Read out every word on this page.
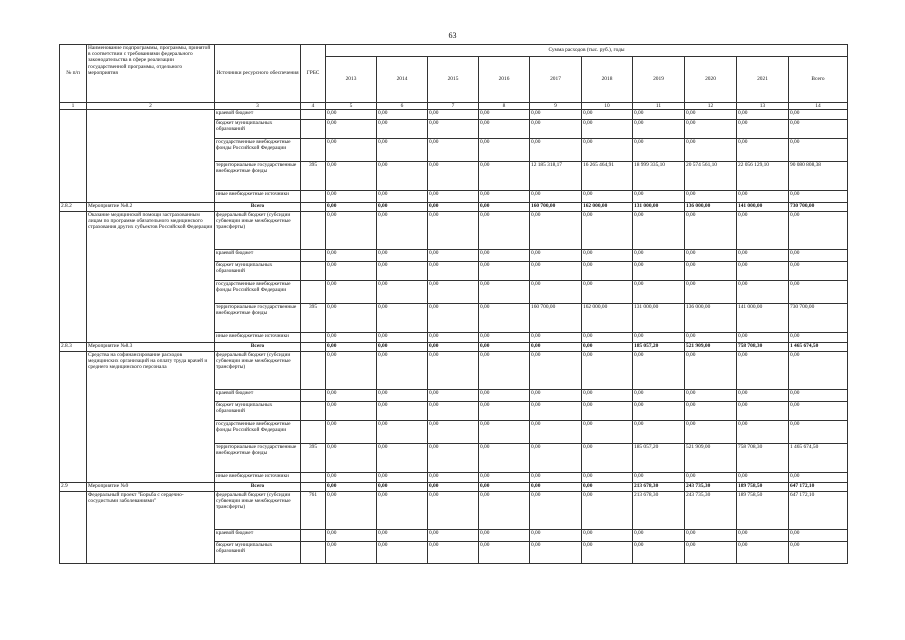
63
№ п/п	Наименование подпрограммы, программы, принятой в соответствии с требованиями федерального законодательства в сфере реализации государственной программы, отдельного мероприятия	Источники ресурсного обеспечения	ГРБС	Сумма расходов (тыс. руб.), годы									
				2013	2014	2015	2016	2017	2018	2019	2020	2021	Всего
1	2	3	4	5	6	7	8	9	10	11	12	13	14
		краевой бюджет		0,00	0,00	0,00	0,00	0,00	0,00	0,00	0,00	0,00	0,00
		бюджет муниципальных образований		0,00	0,00	0,00	0,00	0,00	0,00	0,00	0,00	0,00	0,00
		государственные внебюджетные фонды Российской Федерации		0,00	0,00	0,00	0,00	0,00	0,00	0,00	0,00	0,00	0,00
		территориальные государственные внебюджетные фонды	395	0,00	0,00	0,00	0,00	12 185 318,17	16 265 464,91	18 999 335,10	20 574 561,10	22 056 129,10	90 080 808,38
		иные внебюджетные источники		0,00	0,00	0,00	0,00	0,00	0,00	0,00	0,00	0,00	0,00
2.8.2	Мероприятие №8.2	Всего		0,00	0,00	0,00	0,00	160 700,00	162 000,00	131 000,00	136 000,00	141 000,00	730 700,00
	Оказание медицинской помощи застрахованным лицам по программе обязательного медицинского страхования других субъектов Российской Федерации	федеральный бюджет (субсидии субвенции иные межбюджетные трансферты)		0,00	0,00	0,00	0,00	0,00	0,00	0,00	0,00	0,00	0,00
		краевой бюджет		0,00	0,00	0,00	0,00	0,00	0,00	0,00	0,00	0,00	0,00
		бюджет муниципальных образований		0,00	0,00	0,00	0,00	0,00	0,00	0,00	0,00	0,00	0,00
		государственные внебюджетные фонды Российской Федерации		0,00	0,00	0,00	0,00	0,00	0,00	0,00	0,00	0,00	0,00
		территориальные государственные внебюджетные фонды	395	0,00	0,00	0,00	0,00	160 700,00	162 000,00	131 000,00	136 000,00	141 000,00	730 700,00
		иные внебюджетные источники		0,00	0,00	0,00	0,00	0,00	0,00	0,00	0,00	0,00	0,00
2.8.3	Мероприятие №8.3	Всего		0,00	0,00	0,00	0,00	0,00	0,00	185 057,20	521 909,00	758 708,30	1 465 674,50
	Средства на софинансирование расходов медицинских организаций на оплату труда врачей и среднего медицинского персонала	федеральный бюджет (субсидии субвенции иные межбюджетные трансферты)		0,00	0,00	0,00	0,00	0,00	0,00	0,00	0,00	0,00	0,00
		краевой бюджет		0,00	0,00	0,00	0,00	0,00	0,00	0,00	0,00	0,00	0,00
		бюджет муниципальных образований		0,00	0,00	0,00	0,00	0,00	0,00	0,00	0,00	0,00	0,00
		государственные внебюджетные фонды Российской Федерации		0,00	0,00	0,00	0,00	0,00	0,00	0,00	0,00	0,00	0,00
		территориальные государственные внебюджетные фонды	395	0,00	0,00	0,00	0,00	0,00	0,00	185 057,20	521 909,00	758 708,30	1 465 674,50
		иные внебюджетные источники		0,00	0,00	0,00	0,00	0,00	0,00	0,00	0,00	0,00	0,00
2.9	Мероприятие №9	Всего		0,00	0,00	0,00	0,00	0,00	0,00	213 678,30	243 735,30	189 758,50	647 172,10
	Федеральный проект "Борьба с сердечно-сосудистыми заболеваниями"	федеральный бюджет (субсидии субвенции иные межбюджетные трансферты)	761	0,00	0,00	0,00	0,00	0,00	0,00	213 678,30	243 735,30	189 758,50	647 172,10
		краевой бюджет		0,00	0,00	0,00	0,00	0,00	0,00	0,00	0,00	0,00	0,00
		бюджет муниципальных образований		0,00	0,00	0,00	0,00	0,00	0,00	0,00	0,00	0,00	0,00
